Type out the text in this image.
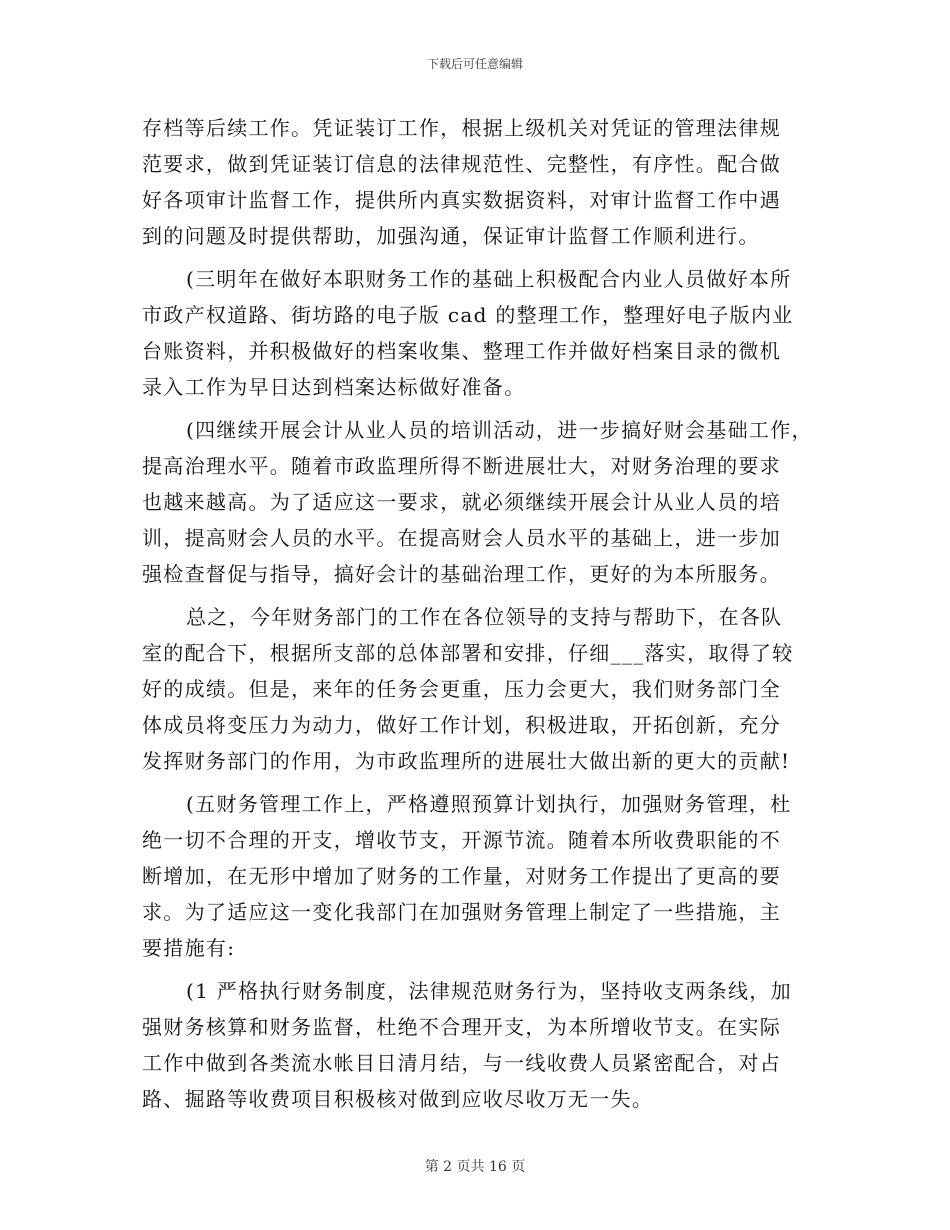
下载后可任意编辑
存档等后续工作。凭证装订工作，根据上级机关对凭证的管理法律规
范要求，做到凭证装订信息的法律规范性、完整性，有序性。配合做
好各项审计监督工作，提供所内真实数据资料，对审计监督工作中遇
到的问题及时提供帮助，加强沟通，保证审计监督工作顺利进行。
(三明年在做好本职财务工作的基础上积极配合内业人员做好本所
市政产权道路、街坊路的电子版 cad 的整理工作，整理好电子版内业
台账资料，并积极做好的档案收集、整理工作并做好档案目录的微机
录入工作为早日达到档案达标做好准备。
(四继续开展会计从业人员的培训活动，进一步搞好财会基础工作，
提高治理水平。随着市政监理所得不断进展壮大，对财务治理的要求
也越来越高。为了适应这一要求，就必须继续开展会计从业人员的培
训，提高财会人员的水平。在提高财会人员水平的基础上，进一步加
强检查督促与指导，搞好会计的基础治理工作，更好的为本所服务。
总之，今年财务部门的工作在各位领导的支持与帮助下，在各队
室的配合下，根据所支部的总体部署和安排，仔细___落实，取得了较
好的成绩。但是，来年的任务会更重，压力会更大，我们财务部门全
体成员将变压力为动力，做好工作计划，积极进取，开拓创新，充分
发挥财务部门的作用，为市政监理所的进展壮大做出新的更大的贡献!
(五财务管理工作上，严格遵照预算计划执行，加强财务管理，杜
绝一切不合理的开支，增收节支，开源节流。随着本所收费职能的不
断增加，在无形中增加了财务的工作量，对财务工作提出了更高的要
求。为了适应这一变化我部门在加强财务管理上制定了一些措施，主
要措施有:
(1 严格执行财务制度，法律规范财务行为，坚持收支两条线，加
强财务核算和财务监督，杜绝不合理开支，为本所增收节支。在实际
工作中做到各类流水帐目日清月结，与一线收费人员紧密配合，对占
路、掘路等收费项目积极核对做到应收尽收万无一失。
第 2 页共 16 页
